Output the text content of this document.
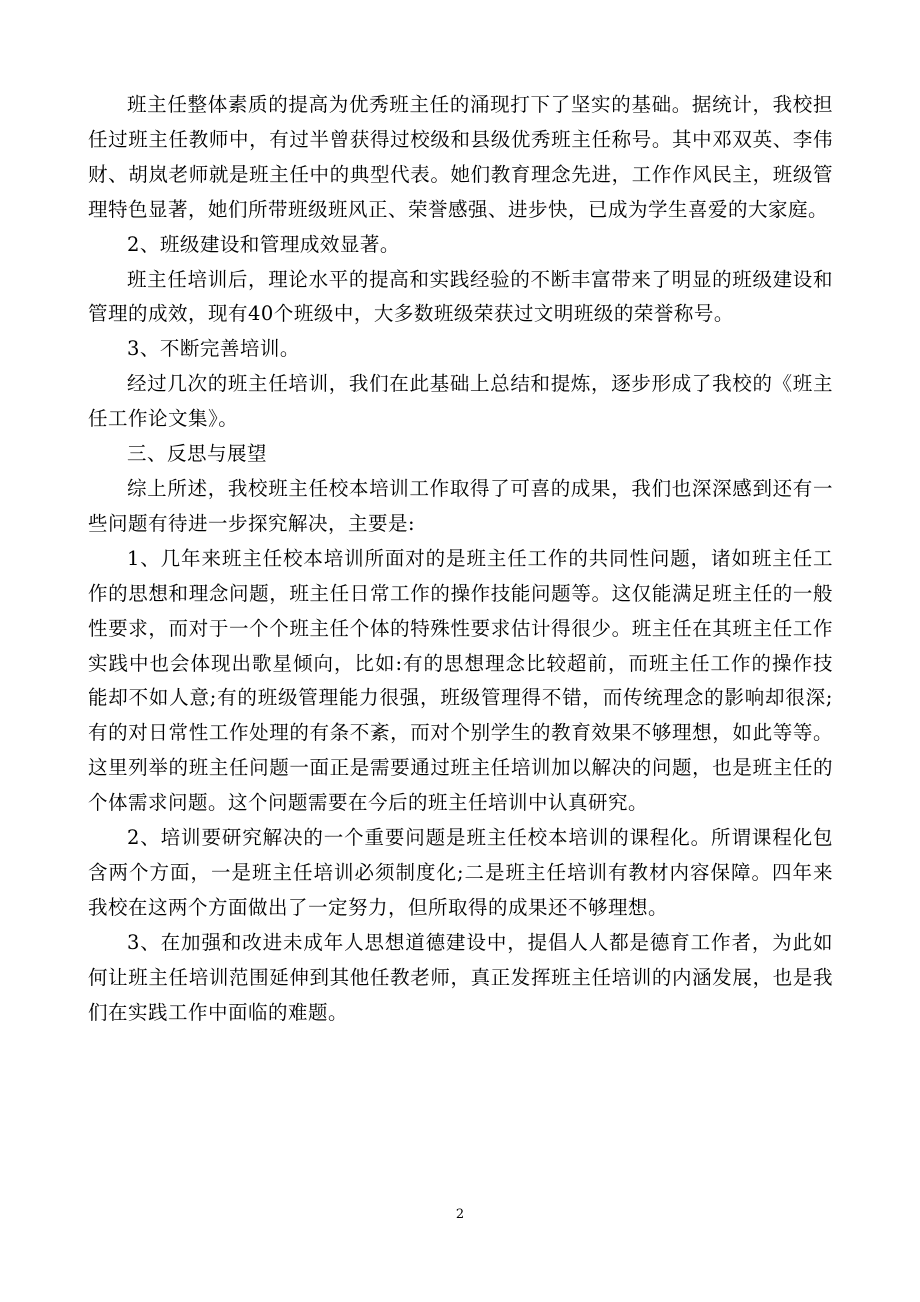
班主任整体素质的提高为优秀班主任的涌现打下了坚实的基础。据统计，我校担任过班主任教师中，有过半曾获得过校级和县级优秀班主任称号。其中邓双英、李伟财、胡岚老师就是班主任中的典型代表。她们教育理念先进，工作作风民主，班级管理特色显著，她们所带班级班风正、荣誉感强、进步快，已成为学生喜爱的大家庭。

2、班级建设和管理成效显著。

班主任培训后，理论水平的提高和实践经验的不断丰富带来了明显的班级建设和管理的成效，现有40个班级中，大多数班级荣获过文明班级的荣誉称号。

3、不断完善培训。

经过几次的班主任培训，我们在此基础上总结和提炼，逐步形成了我校的《班主任工作论文集》。

三、反思与展望

综上所述，我校班主任校本培训工作取得了可喜的成果，我们也深深感到还有一些问题有待进一步探究解决，主要是:

1、几年来班主任校本培训所面对的是班主任工作的共同性问题，诸如班主任工作的思想和理念问题，班主任日常工作的操作技能问题等。这仅能满足班主任的一般性要求，而对于一个个班主任个体的特殊性要求估计得很少。班主任在其班主任工作实践中也会体现出歌星倾向，比如:有的思想理念比较超前，而班主任工作的操作技能却不如人意;有的班级管理能力很强，班级管理得不错，而传统理念的影响却很深;有的对日常性工作处理的有条不紊，而对个别学生的教育效果不够理想，如此等等。这里列举的班主任问题一面正是需要通过班主任培训加以解决的问题，也是班主任的个体需求问题。这个问题需要在今后的班主任培训中认真研究。

2、培训要研究解决的一个重要问题是班主任校本培训的课程化。所谓课程化包含两个方面，一是班主任培训必须制度化;二是班主任培训有教材内容保障。四年来我校在这两个方面做出了一定努力，但所取得的成果还不够理想。

3、在加强和改进未成年人思想道德建设中，提倡人人都是德育工作者，为此如何让班主任培训范围延伸到其他任教老师，真正发挥班主任培训的内涵发展，也是我们在实践工作中面临的难题。

2
